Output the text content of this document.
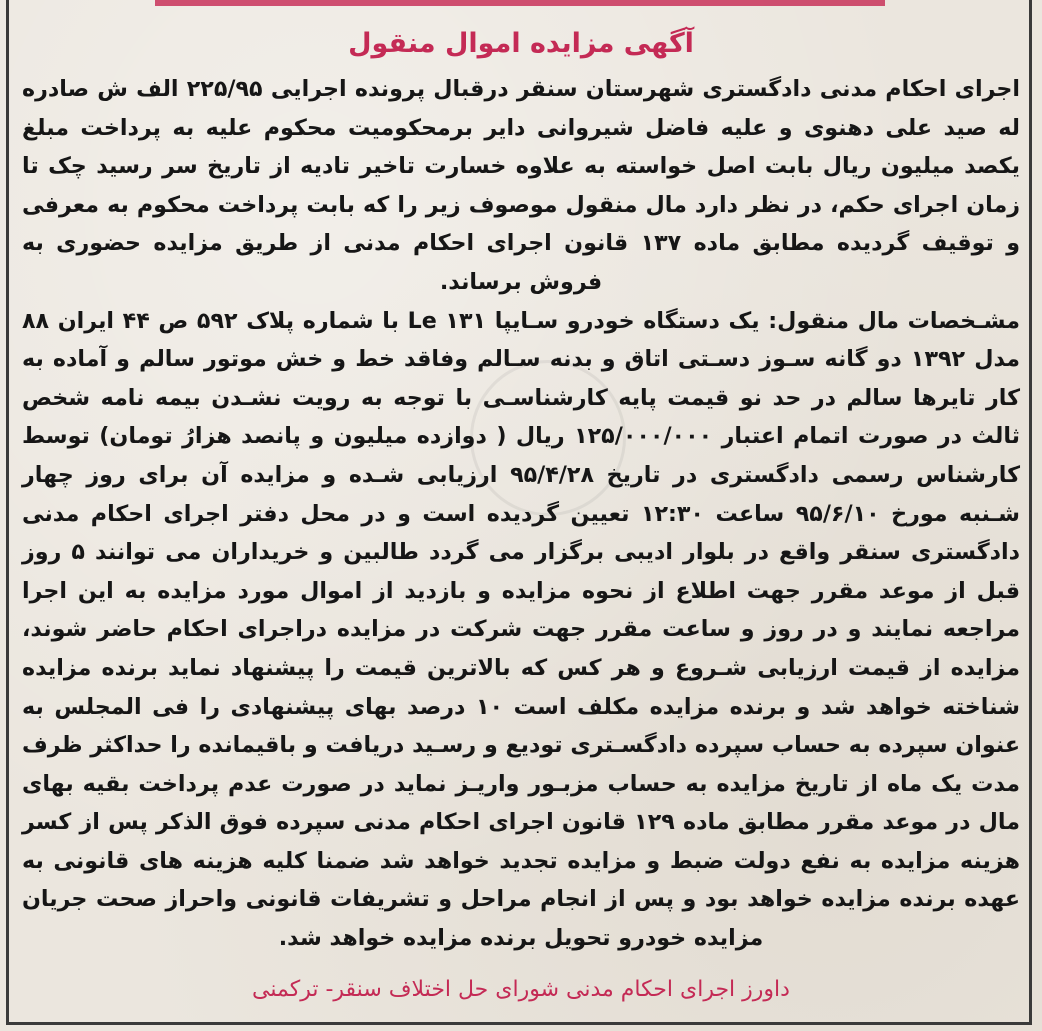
آگهی مزایده اموال منقول

اجرای احکام مدنی دادگستری شهرستان سنقر درقبال پرونده اجرایی ۲۲۵/۹۵ الف ش صادره له صید علی دهنوی و علیه فاضل شیروانی دایر برمحکومیت محکوم علیه به پرداخت مبلغ یکصد میلیون ریال بابت اصل خواسته به علاوه خسارت تاخیر تادیه از تاریخ سر رسید چک تا زمان اجرای حکم، در نظر دارد مال منقول موصوف زیر را که بابت پرداخت محکوم به معرفی و توقیف گردیده مطابق ماده ۱۳۷ قانون اجرای احکام مدنی از طریق مزایده حضوری به فروش برساند.

مشـخصات مال منقول: یک دستگاه خودرو سـایپا Le ۱۳۱ با شماره پلاک ۵۹۲ ص ۴۴ ایران ۸۸ مدل ۱۳۹۲ دو گانه سـوز دسـتی اتاق و بدنه سـالم وفاقد خط و خش موتور سالم و آماده به کار تایرها سالم در حد نو قیمت پایه کارشناسـی با توجه به رویت نشـدن بیمه نامه شخص ثالث در صورت اتمام اعتبار ۱۲۵/۰۰۰/۰۰۰ ریال ( دوازده میلیون و پانصد هزارُ تومان) توسط کارشناس رسمی دادگستری در تاریخ ۹۵/۴/۲۸ ارزیابی شـده و مزایده آن برای روز چهار شـنبه مورخ ۹۵/۶/۱۰ ساعت ۱۲:۳۰ تعیین گردیده است و در محل دفتر اجرای احکام مدنی دادگستری سنقر واقع در بلوار ادیبی برگزار می گردد طالبین و خریداران می توانند ۵ روز قبل از موعد مقرر جهت اطلاع از نحوه مزایده و بازدید از اموال مورد مزایده به این اجرا مراجعه نمایند و در روز و ساعت مقرر جهت شرکت در مزایده دراجرای احکام حاضر شوند، مزایده از قیمت ارزیابی شـروع و هر کس که بالاترین قیمت را پیشنهاد نماید برنده مزایده شناخته خواهد شد و برنده مزایده مکلف است ۱۰ درصد بهای پیشنهادی را فی المجلس به عنوان سپرده به حساب سپرده دادگسـتری تودیع و رسـید دریافت و باقیمانده را حداکثر ظرف مدت یک ماه از تاریخ مزایده به حساب مزبـور واریـز نماید در صورت عدم پرداخت بقیه بهای مال در موعد مقرر مطابق ماده ۱۲۹ قانون اجرای احکام مدنی سپرده فوق الذکر پس از کسر هزینه مزایده به نفع دولت ضبط و مزایده تجدید خواهد شد ضمنا کلیه هزینه های قانونی به عهده برنده مزایده خواهد بود و پس از انجام مراحل و تشریفات قانونی واحراز صحت جریان مزایده خودرو تحویل برنده مزایده خواهد شد.

داورز اجرای احکام مدنی شورای حل اختلاف سنقر- ترکمنی
